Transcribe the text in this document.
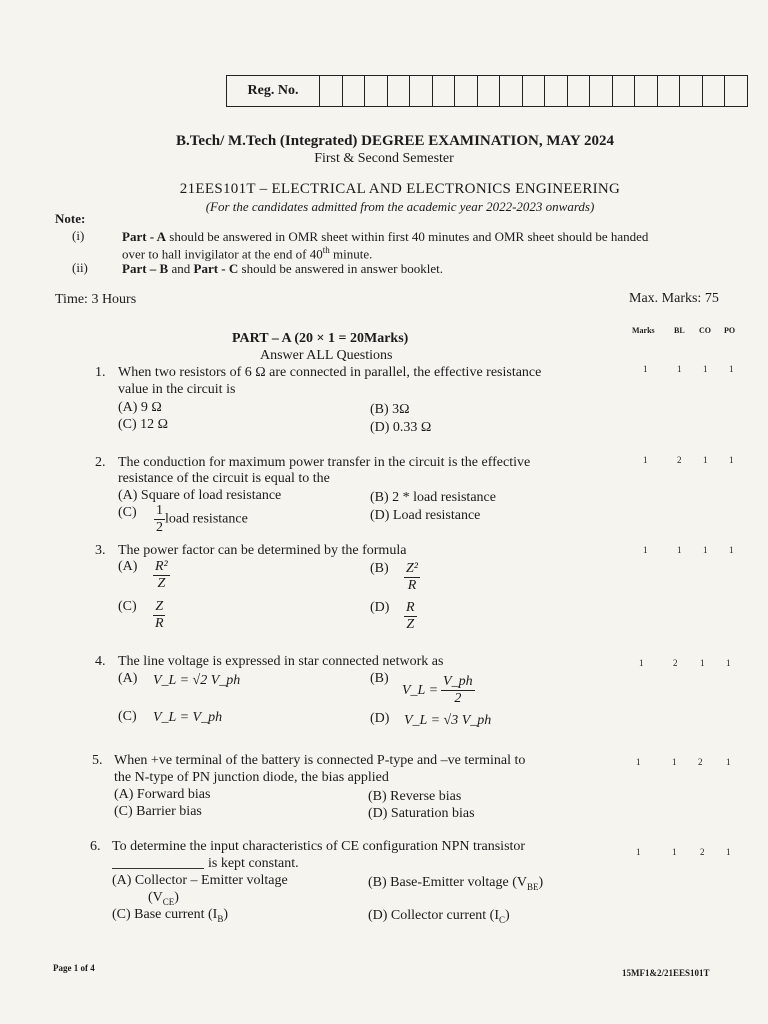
Reg. No.
B.Tech/ M.Tech (Integrated) DEGREE EXAMINATION, MAY 2024
First & Second Semester
21EES101T – ELECTRICAL AND ELECTRONICS ENGINEERING
(For the candidates admitted from the academic year 2022-2023 onwards)
Note:
(i)	Part - A should be answered in OMR sheet within first 40 minutes and OMR sheet should be handed
over to hall invigilator at the end of 40th minute.
(ii)	Part – B and Part - C should be answered in answer booklet.
Time: 3 Hours	Max. Marks: 75
PART – A (20 × 1 = 20Marks)
Answer ALL Questions
Marks BL CO PO
1. When two resistors of 6 Ω are connected in parallel, the effective resistance
value in the circuit is
(A) 9 Ω	(B) 3Ω
(C) 12 Ω	(D) 0.33 Ω
1	1 1 1
2. The conduction for maximum power transfer in the circuit is the effective
resistance of the circuit is equal to the
(A) Square of load resistance	(B) 2 * load resistance
$(C) \frac{1}{2}$ load resistance	(D) Load resistance
1	2 1 1
3. The power factor can be determined by the formula
$(A) \frac{\text{R²}}{Z}$	$(B) \frac{\text{Z²}}{R}$
$(C) \frac{Z}{R}$	$(D) \frac{R}{Z}$
1	1 1 1
4. The line voltage is expressed in star connected network as
(A) V_L = √2 V_ph	(B)
V_L = $\frac{V\_ph}{2}$
(C) V_L = V_ph	(D) V_L = √3 V_ph
1	2	1 1
5. When +ve terminal of the battery is connected P-type and –ve terminal to
the N-type of PN junction diode, the bias applied
(A) Forward bias	(B) Reverse bias
(C) Barrier bias	(D) Saturation bias
1	1 2	1
6. To determine the input characteristics of CE configuration NPN transistor
is kept constant.
(A) Collector – Emitter voltage
$(V_{CE})$
(B) Base-Emitter voltage $(V_{BE})$
(C) Base current $(I_B)$	(D) Collector current $(I_C)$
1	1	2 1
Page 1 of 4	15MF1&2/21EES101T
